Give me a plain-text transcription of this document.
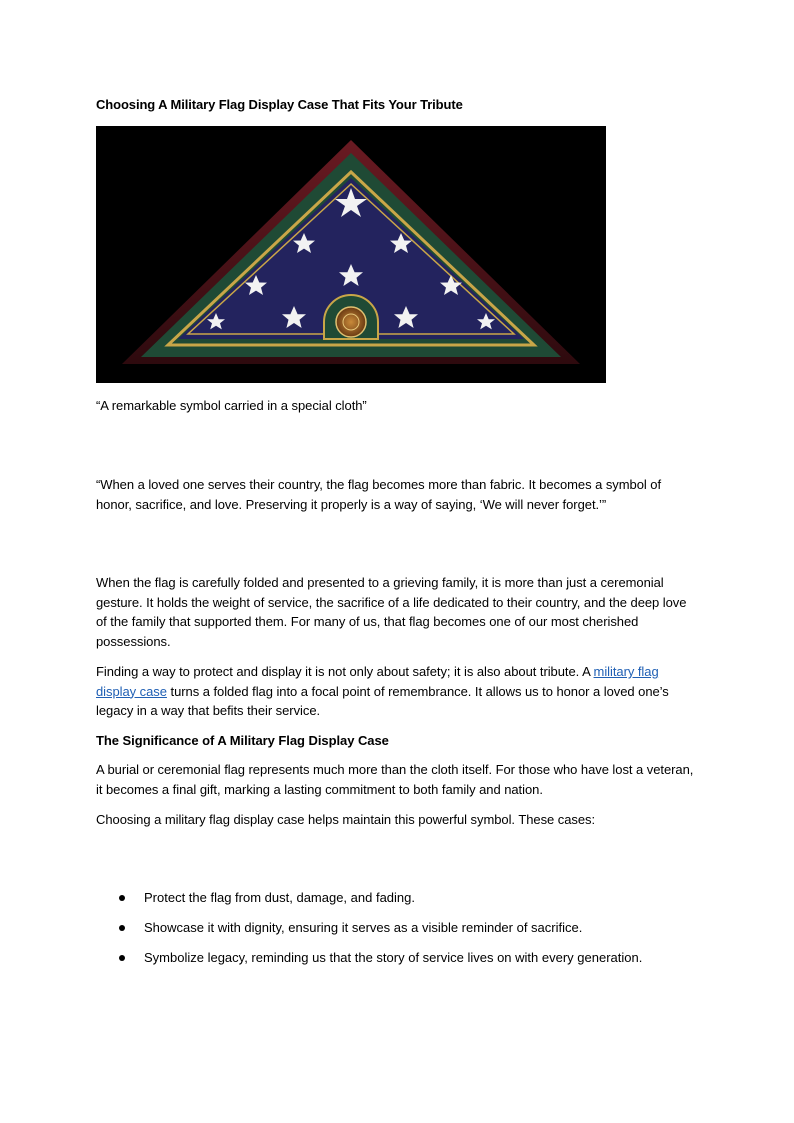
Choosing A Military Flag Display Case That Fits Your Tribute
“A remarkable symbol carried in a special cloth”
“When a loved one serves their country, the flag becomes more than fabric. It becomes a symbol of honor, sacrifice, and love. Preserving it properly is a way of saying, ‘We will never forget.’”
When the flag is carefully folded and presented to a grieving family, it is more than just a ceremonial gesture. It holds the weight of service, the sacrifice of a life dedicated to their country, and the deep love of the family that supported them. For many of us, that flag becomes one of our most cherished possessions.
Finding a way to protect and display it is not only about safety; it is also about tribute. A military flag display case turns a folded flag into a focal point of remembrance. It allows us to honor a loved one’s legacy in a way that befits their service.
The Significance of A Military Flag Display Case
A burial or ceremonial flag represents much more than the cloth itself. For those who have lost a veteran, it becomes a final gift, marking a lasting commitment to both family and nation.
Choosing a military flag display case helps maintain this powerful symbol. These cases:
Protect the flag from dust, damage, and fading.
Showcase it with dignity, ensuring it serves as a visible reminder of sacrifice.
Symbolize legacy, reminding us that the story of service lives on with every generation.
